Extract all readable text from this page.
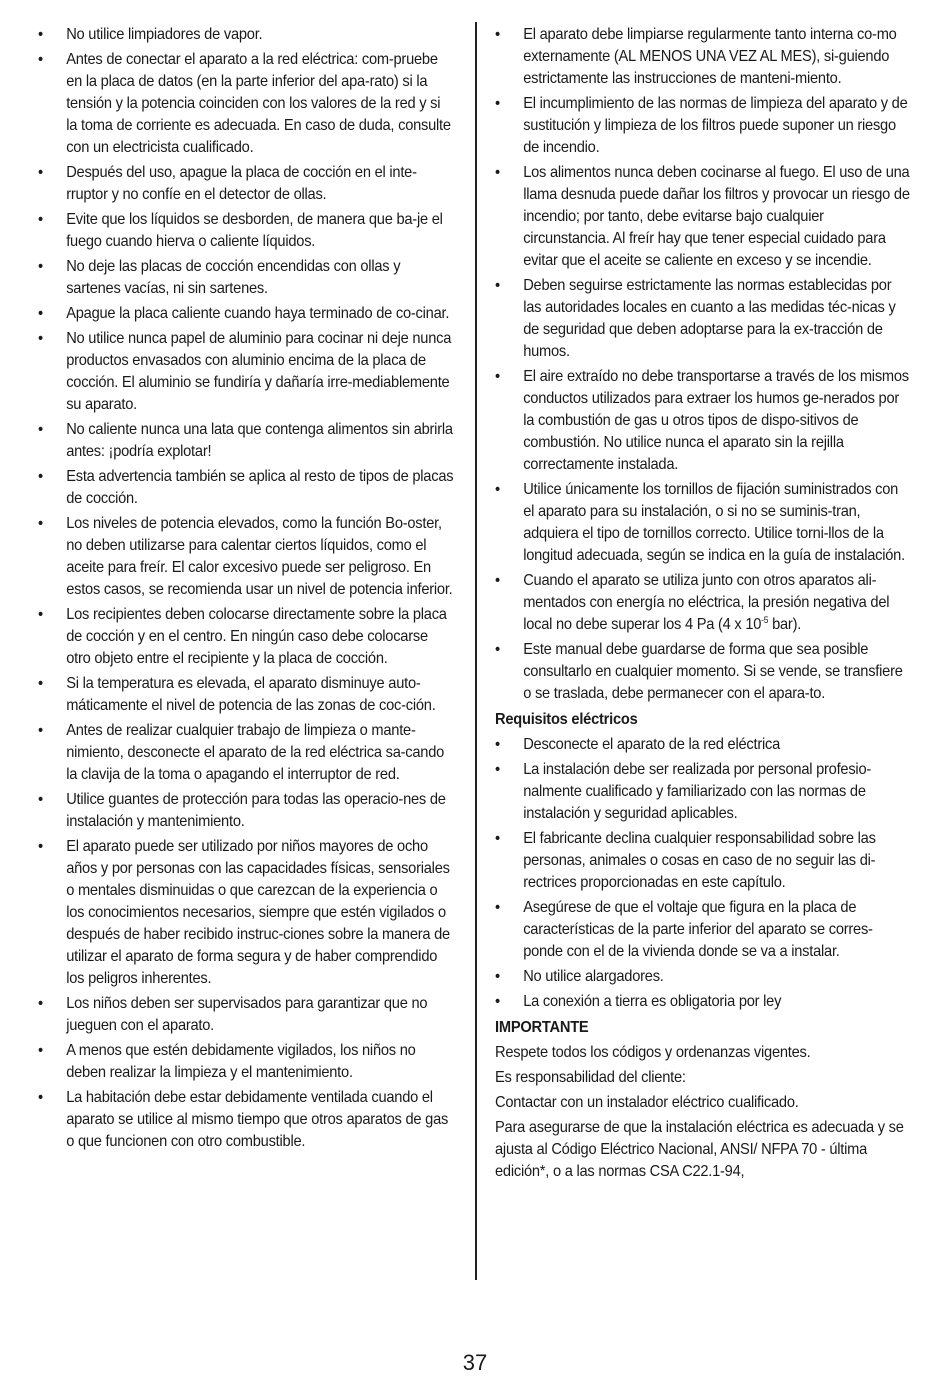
• No utilice limpiadores de vapor.
• Antes de conectar el aparato a la red eléctrica: com-pruebe en la placa de datos (en la parte inferior del apa-rato) si la tensión y la potencia coinciden con los valores de la red y si la toma de corriente es adecuada. En caso de duda, consulte con un electricista cualificado.
• Después del uso, apague la placa de cocción en el inte-rruptor y no confíe en el detector de ollas.
• Evite que los líquidos se desborden, de manera que ba-je el fuego cuando hierva o caliente líquidos.
• No deje las placas de cocción encendidas con ollas y sartenes vacías, ni sin sartenes.
• Apague la placa caliente cuando haya terminado de co-cinar.
• No utilice nunca papel de aluminio para cocinar ni deje nunca productos envasados con aluminio encima de la placa de cocción. El aluminio se fundiría y dañaría irre-mediablemente su aparato.
• No caliente nunca una lata que contenga alimentos sin abrirla antes: ¡podría explotar!
• Esta advertencia también se aplica al resto de tipos de placas de cocción.
• Los niveles de potencia elevados, como la función Bo-oster, no deben utilizarse para calentar ciertos líquidos, como el aceite para freír. El calor excesivo puede ser peligroso. En estos casos, se recomienda usar un nivel de potencia inferior.
• Los recipientes deben colocarse directamente sobre la placa de cocción y en el centro. En ningún caso debe colocarse otro objeto entre el recipiente y la placa de cocción.
• Si la temperatura es elevada, el aparato disminuye auto-máticamente el nivel de potencia de las zonas de coc-ción.
• Antes de realizar cualquier trabajo de limpieza o mante-nimiento, desconecte el aparato de la red eléctrica sa-cando la clavija de la toma o apagando el interruptor de red.
• Utilice guantes de protección para todas las operacio-nes de instalación y mantenimiento.
• El aparato puede ser utilizado por niños mayores de ocho años y por personas con las capacidades físicas, sensoriales o mentales disminuidas o que carezcan de la experiencia o los conocimientos necesarios, siempre que estén vigilados o después de haber recibido instruc-ciones sobre la manera de utilizar el aparato de forma segura y de haber comprendido los peligros inherentes.
• Los niños deben ser supervisados para garantizar que no jueguen con el aparato.
• A menos que estén debidamente vigilados, los niños no deben realizar la limpieza y el mantenimiento.
• La habitación debe estar debidamente ventilada cuando el aparato se utilice al mismo tiempo que otros aparatos de gas o que funcionen con otro combustible.
• El aparato debe limpiarse regularmente tanto interna co-mo externamente (AL MENOS UNA VEZ AL MES), si-guiendo estrictamente las instrucciones de manteni-miento.
• El incumplimiento de las normas de limpieza del aparato y de sustitución y limpieza de los filtros puede suponer un riesgo de incendio.
• Los alimentos nunca deben cocinarse al fuego. El uso de una llama desnuda puede dañar los filtros y provocar un riesgo de incendio; por tanto, debe evitarse bajo cualquier circunstancia. Al freír hay que tener especial cuidado para evitar que el aceite se caliente en exceso y se incendie.
• Deben seguirse estrictamente las normas establecidas por las autoridades locales en cuanto a las medidas téc-nicas y de seguridad que deben adoptarse para la ex-tracción de humos.
• El aire extraído no debe transportarse a través de los mismos conductos utilizados para extraer los humos ge-nerados por la combustión de gas u otros tipos de dispo-sitivos de combustión. No utilice nunca el aparato sin la rejilla correctamente instalada.
• Utilice únicamente los tornillos de fijación suministrados con el aparato para su instalación, o si no se suminis-tran, adquiera el tipo de tornillos correcto. Utilice torni-llos de la longitud adecuada, según se indica en la guía de instalación.
• Cuando el aparato se utiliza junto con otros aparatos ali-mentados con energía no eléctrica, la presión negativa del local no debe superar los 4 Pa (4 x $10^{-5}$ bar).
• Este manual debe guardarse de forma que sea posible consultarlo en cualquier momento. Si se vende, se transfiere o se traslada, debe permanecer con el apara-to.
Requisitos eléctricos
• Desconecte el aparato de la red eléctrica
• La instalación debe ser realizada por personal profesio-nalmente cualificado y familiarizado con las normas de instalación y seguridad aplicables.
• El fabricante declina cualquier responsabilidad sobre las personas, animales o cosas en caso de no seguir las di-rectrices proporcionadas en este capítulo.
• Asegúrese de que el voltaje que figura en la placa de características de la parte inferior del aparato se corres-ponde con el de la vivienda donde se va a instalar.
• No utilice alargadores.
• La conexión a tierra es obligatoria por ley
IMPORTANTE
Respete todos los códigos y ordenanzas vigentes.
Es responsabilidad del cliente:
Contactar con un instalador eléctrico cualificado.
Para asegurarse de que la instalación eléctrica es adecuada y se ajusta al Código Eléctrico Nacional, ANSI/ NFPA 70 - última edición*, o a las normas CSA C22.1-94,
37
